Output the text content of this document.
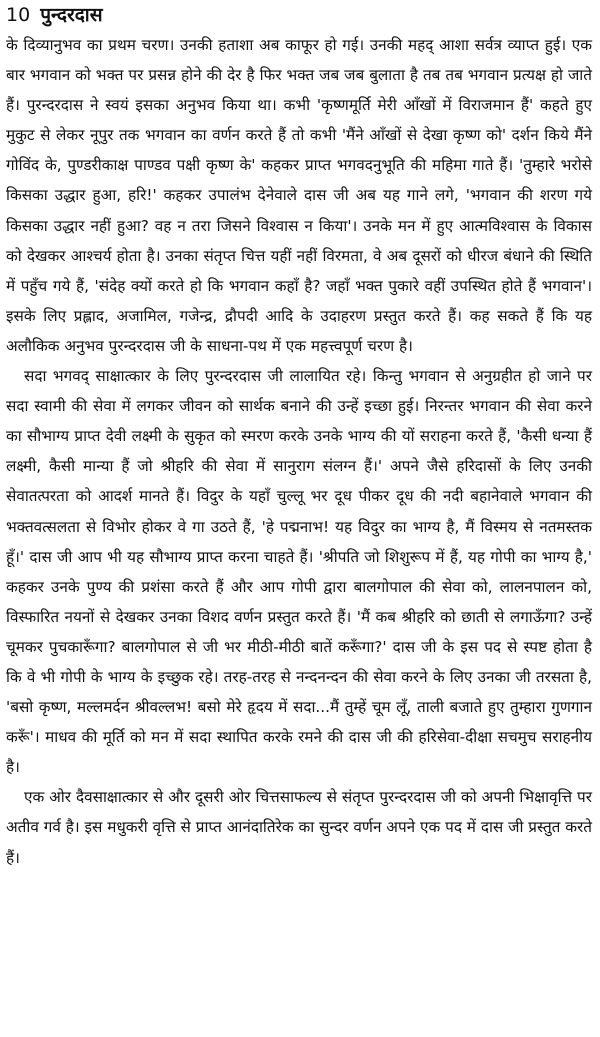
10 पुन्दरदास

के दिव्यानुभव का प्रथम चरण। उनकी हताशा अब काफूर हो गई। उनकी महद् आशा सर्वत्र व्याप्त हुई। एक बार भगवान को भक्त पर प्रसन्न होने की देर है फिर भक्त जब जब बुलाता है तब तब भगवान प्रत्यक्ष हो जाते हैं। पुरन्दरदास ने स्वयं इसका अनुभव किया था। कभी 'कृष्णमूर्ति मेरी आँखों में विराजमान हैं' कहते हुए मुकुट से लेकर नूपुर तक भगवान का वर्णन करते हैं तो कभी 'मैंने आँखों से देखा कृष्ण को' दर्शन किये मैंने गोविंद के, पुण्डरीकाक्ष पाण्डव पक्षी कृष्ण के' कहकर प्राप्त भगवदनुभूति की महिमा गाते हैं। 'तुम्हारे भरोसे किसका उद्धार हुआ, हरि!' कहकर उपालंभ देनेवाले दास जी अब यह गाने लगे, 'भगवान की शरण गये किसका उद्धार नहीं हुआ? वह न तरा जिसने विश्वास न किया'। उनके मन में हुए आत्मविश्वास के विकास को देखकर आश्चर्य होता है। उनका संतृप्त चित्त यहीं नहीं विरमता, वे अब दूसरों को धीरज बंधाने की स्थिति में पहुँच गये हैं, 'संदेह क्यों करते हो कि भगवान कहाँ है? जहाँ भक्त पुकारे वहीं उपस्थित होते हैं भगवान'। इसके लिए प्रह्लाद, अजामिल, गजेन्द्र, द्रौपदी आदि के उदाहरण प्रस्तुत करते हैं। कह सकते हैं कि यह अलौकिक अनुभव पुरन्दरदास जी के साधना-पथ में एक महत्त्वपूर्ण चरण है।

सदा भगवद् साक्षात्कार के लिए पुरन्दरदास जी लालायित रहे। किन्तु भगवान से अनुग्रहीत हो जाने पर सदा स्वामी की सेवा में लगकर जीवन को सार्थक बनाने की उन्हें इच्छा हुई। निरन्तर भगवान की सेवा करने का सौभाग्य प्राप्त देवी लक्ष्मी के सुकृत को स्मरण करके उनके भाग्य की यों सराहना करते हैं, 'कैसी धन्या हैं लक्ष्मी, कैसी मान्या हैं जो श्रीहरि की सेवा में सानुराग संलग्न हैं।' अपने जैसे हरिदासों के लिए उनकी सेवातत्परता को आदर्श मानते हैं। विदुर के यहाँ चुल्लू भर दूध पीकर दूध की नदी बहानेवाले भगवान की भक्तवत्सलता से विभोर होकर वे गा उठते हैं, 'हे पद्मनाभ! यह विदुर का भाग्य है, मैं विस्मय से नतमस्तक हूँ।' दास जी आप भी यह सौभाग्य प्राप्त करना चाहते हैं। 'श्रीपति जो शिशुरूप में हैं, यह गोपी का भाग्य है,' कहकर उनके पुण्य की प्रशंसा करते हैं और आप गोपी द्वारा बालगोपाल की सेवा को, लालनपालन को, विस्फारित नयनों से देखकर उनका विशद वर्णन प्रस्तुत करते हैं। 'मैं कब श्रीहरि को छाती से लगाऊँगा? उन्हें चूमकर पुचकारूँगा? बालगोपाल से जी भर मीठी-मीठी बातें करूँगा?' दास जी के इस पद से स्पष्ट होता है कि वे भी गोपी के भाग्य के इच्छुक रहे। तरह-तरह से नन्दनन्दन की सेवा करने के लिए उनका जी तरसता है, 'बसो कृष्ण, मल्लमर्दन श्रीवल्लभ! बसो मेरे हृदय में सदा...मैं तुम्हें चूम लूँ, ताली बजाते हुए तुम्हारा गुणगान करूँ'। माधव की मूर्ति को मन में सदा स्थापित करके रमने की दास जी की हरिसेवा-दीक्षा सचमुच सराहनीय है।

एक ओर दैवसाक्षात्कार से और दूसरी ओर चित्तसाफल्य से संतृप्त पुरन्दरदास जी को अपनी भिक्षावृत्ति पर अतीव गर्व है। इस मधुकरी वृत्ति से प्राप्त आनंदातिरेक का सुन्दर वर्णन अपने एक पद में दास जी प्रस्तुत करते हैं।
